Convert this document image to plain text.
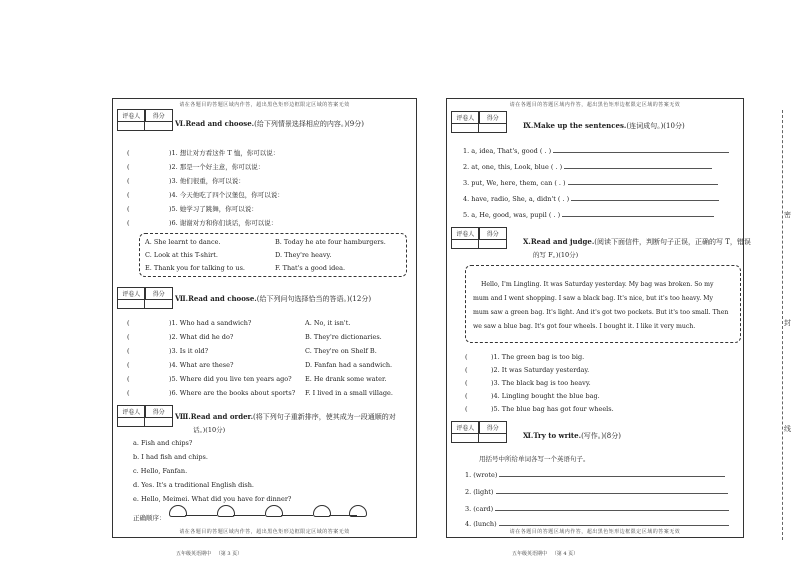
请在各题目的答题区域内作答，超出黑色矩形边框限定区域的答案无效
评卷人	得分
Ⅵ.Read and choose.(给下列情景选择相应的内容。)(9分)
(	)1. 想让对方看这件 T 恤，你可以说：
(	)2. 那是一个好主意，你可以说：
(	)3. 他们很重，你可以说：
(	)4. 今天他吃了四个汉堡包，你可以说：
(	)5. 她学习了跳舞，你可以说：
(	)6. 谢谢对方和你们谈话，你可以说：
A. She learnt to dance.	B. Today he ate four hamburgers.
C. Look at this T-shirt.	D. They're heavy.
E. Thank you for talking to us.	F. That's a good idea.
评卷人	得分	Ⅶ.Read and choose.(给下列问句选择恰当的答语。)(12分)
(	)1. Who had a sandwich?	A. No, it isn't.
(	)2. What did he do?	B. They're dictionaries.
(	)3. Is it old?	C. They're on Shelf B.
(	)4. What are these?	D. Fanfan had a sandwich.
(	)5. Where did you live ten years ago? E. He drank some water.
(	)6. Where are the books about sports? F. I lived in a small village.
评卷人	得分	Ⅷ.Read and order.(将下列句子重新排序，使其成为一段通顺的对
话。)(10分)
a. Fish and chips?
b. I had fish and chips.
c. Hello, Fanfan.
d. Yes. It's a traditional English dish.
e. Hello, Meimei. What did you have for dinner?
正确顺序：
请在各题目的答题区域内作答，超出黑色矩形边框限定区域的答案无效
五年级英语期中 （第 3 页）
请在各题目的答题区域内作答，超出黑色矩形边框限定区域的答案无效
评卷人	得分
Ⅸ.Make up the sentences.(连词成句。)(10分)
1. a, idea, That's, good ( . )
2. at, one, this, Look, blue ( . )
3. put, We, here, them, can ( . )
4. have, radio, She, a, didn't ( . )
5. a, He, good, was, pupil ( . )
评卷人	得分
Ⅹ.Read and judge.(阅读下面信件，判断句子正误，正确的写 T，错误
的写 F。)(10分)
Hello, I'm Lingling. It was Saturday yesterday. My bag was broken. So my
mum and I went shopping. I saw a black bag. It's nice, but it's too heavy. My
mum saw a green bag. It's light. And it's got two pockets. But it's too small. Then
we saw a blue bag. It's got four wheels. I bought it. I like it very much.
(	)1. The green bag is too big.
(	)2. It was Saturday yesterday.
(	)3. The black bag is too heavy.
(	)4. Lingling bought the blue bag.
(	)5. The blue bag has got four wheels.
评卷人	得分
Ⅺ.Try to write.(写作。)(8分)
用括号中所给单词各写一个英语句子。
1. (wrote)
2. (light)
3. (card)
4. (lunch)
请在各题目的答题区域内作答，超出黑色矩形边框限定区域的答案无效
五年级英语期中 （第 4 页）
密
封
线
